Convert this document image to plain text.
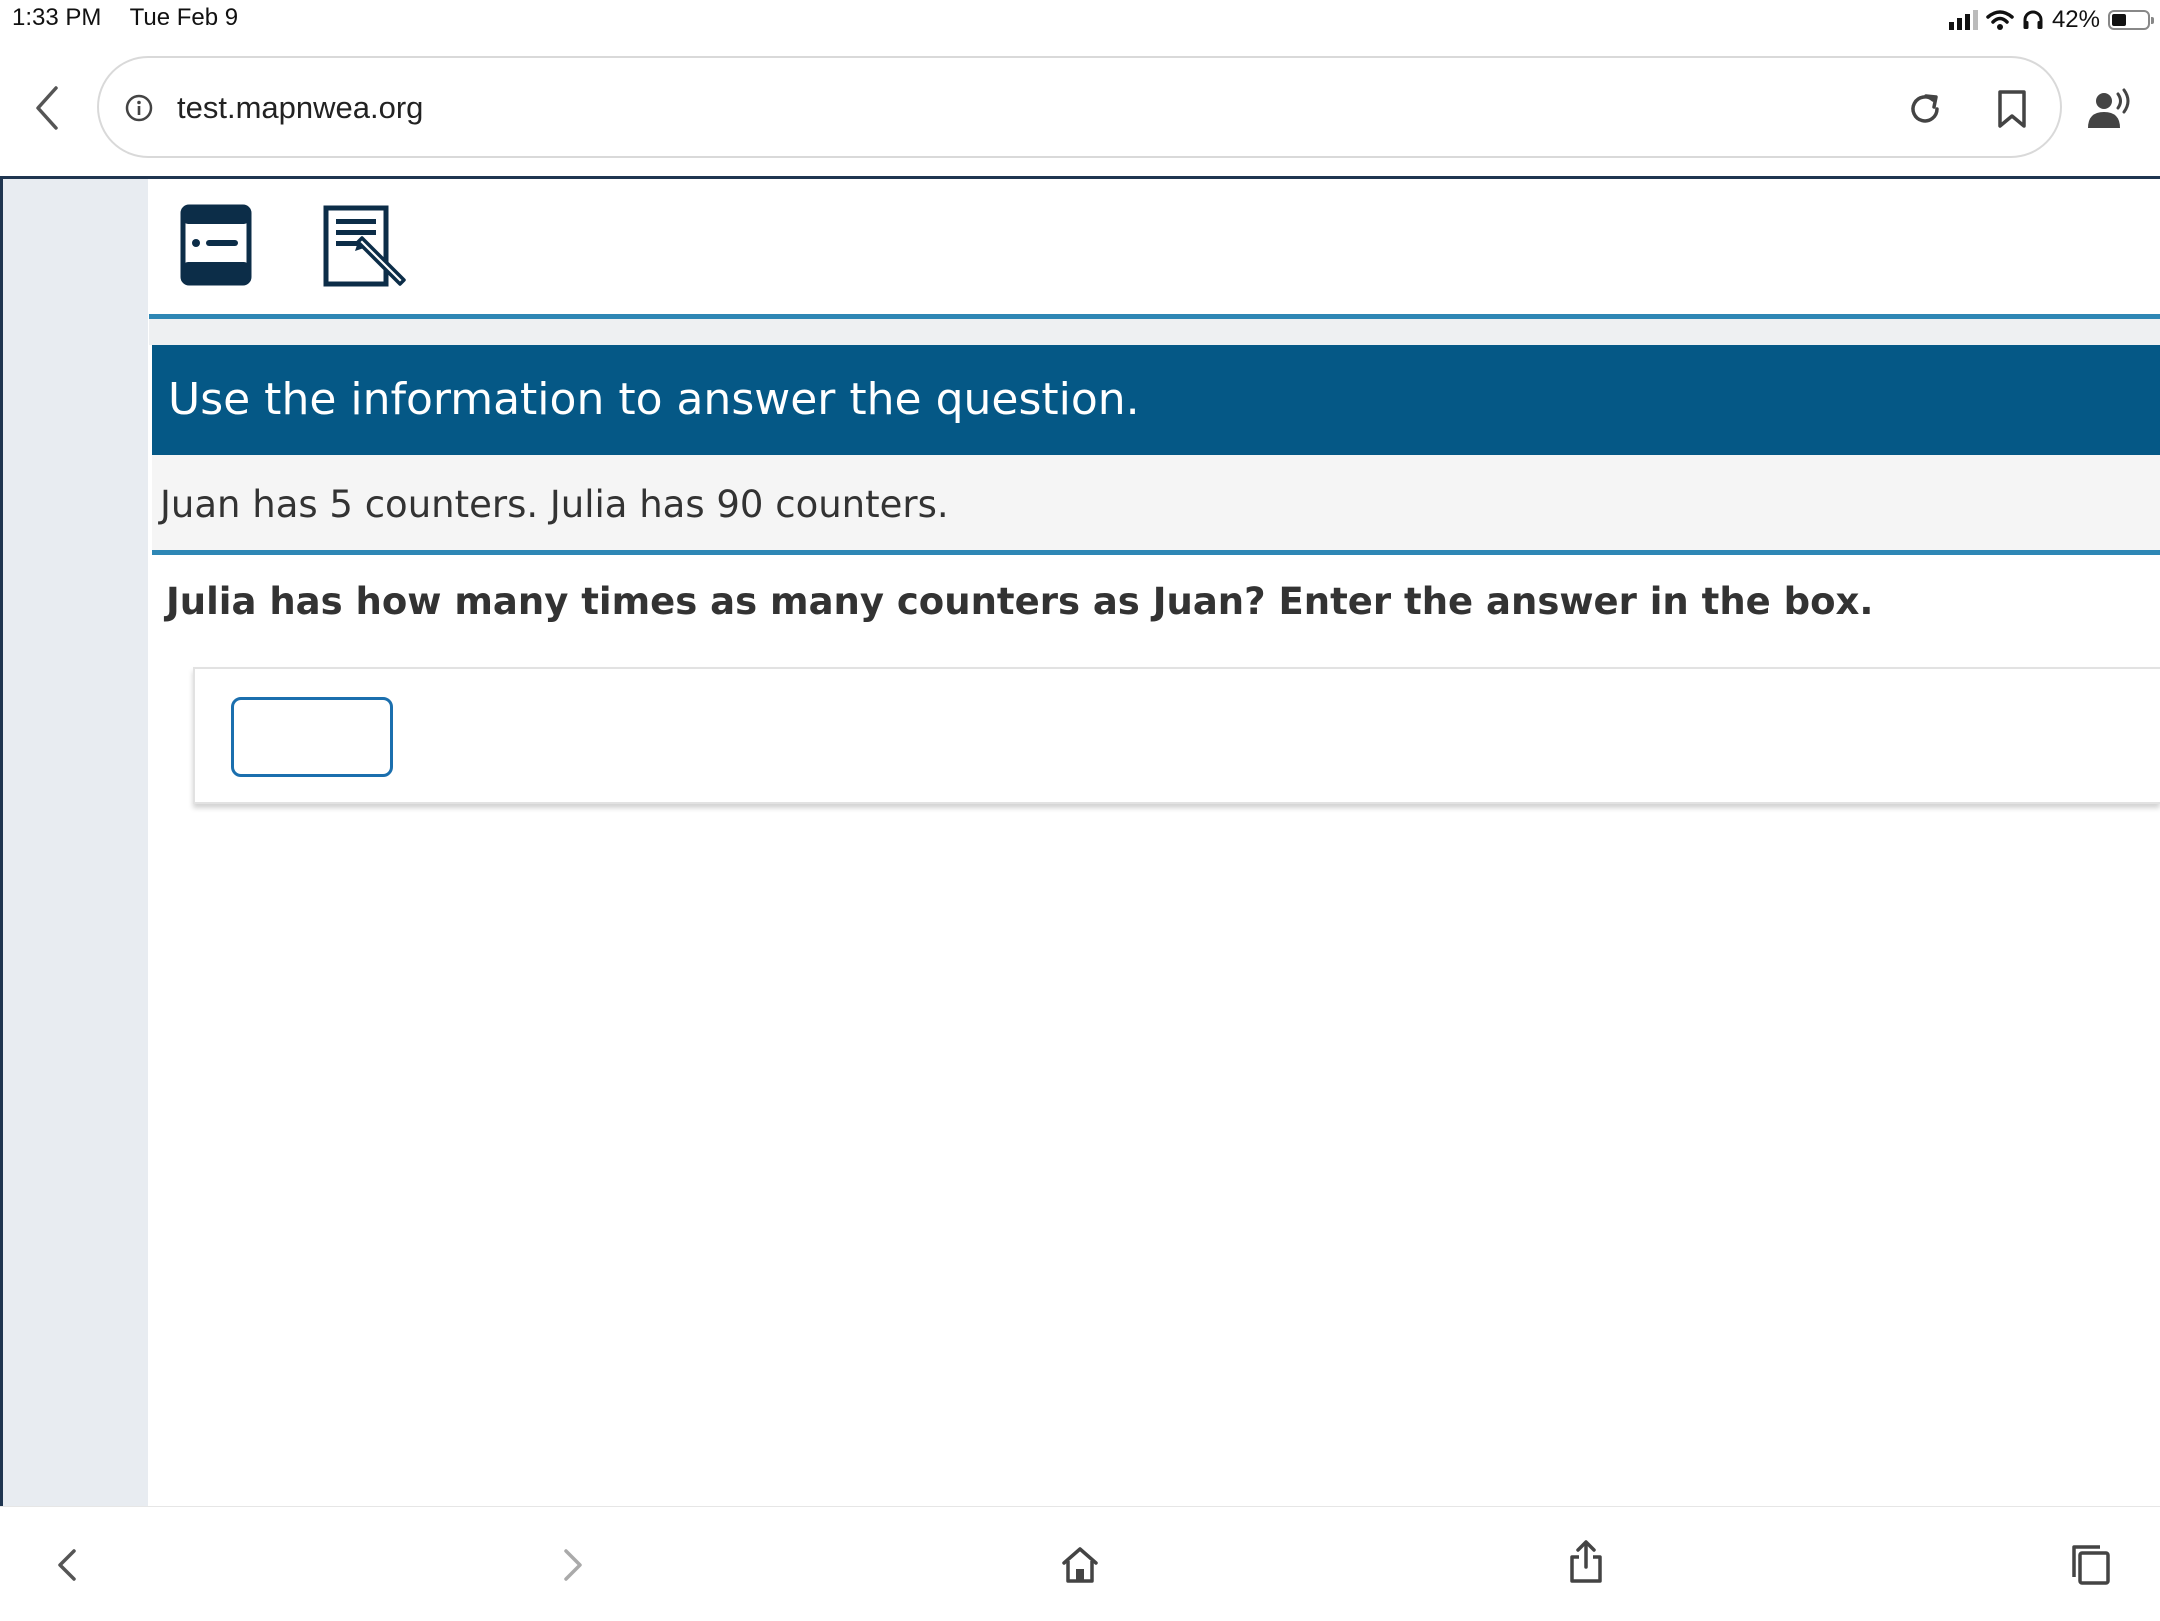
1:33 PM Tue Feb 9	42%
test.mapnwea.org
Use the information to answer the question.
Juan has 5 counters. Julia has 90 counters.
Julia has how many times as many counters as Juan? Enter the answer in the box.
